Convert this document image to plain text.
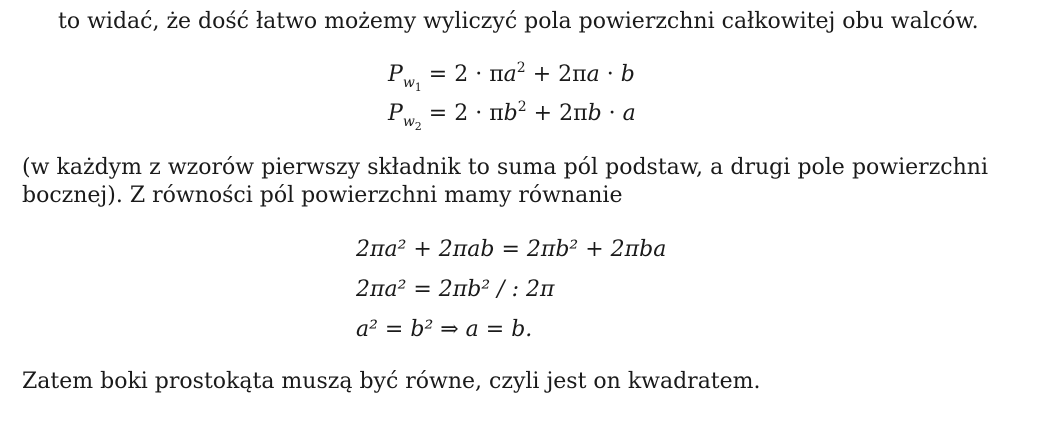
to widać, że dość łatwo możemy wyliczyć pola powierzchni całkowitej obu walców.
$P_{w_1} = 2 \cdot \pi a^2 + 2\pi a \cdot b$
$P_{w_2} = 2 \cdot \pi b^2 + 2\pi b \cdot a$
(w każdym z wzorów pierwszy składnik to suma pól podstaw, a drugi pole powierzchni
bocznej). Z równości pól powierzchni mamy równanie
2πa² + 2πab = 2πb² + 2πba
2πa² = 2πb² / : 2π
a² = b² ⇒ a = b.
Zatem boki prostokąta muszą być równe, czyli jest on kwadratem.
